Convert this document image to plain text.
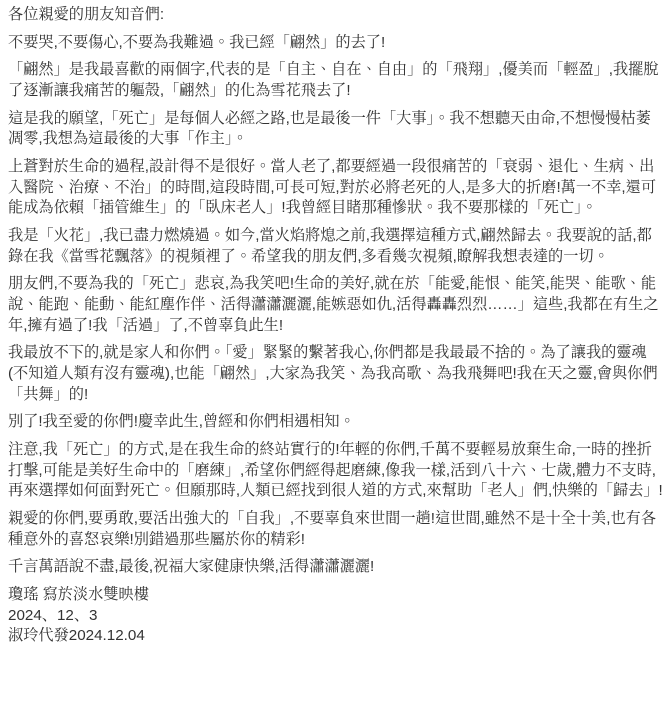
各位親愛的朋友知音們:

不要哭,不要傷心,不要為我難過。我已經「翩然」的去了!

「翩然」是我最喜歡的兩個字,代表的是「自主、自在、自由」的「飛翔」,優美而「輕盈」,我擺脫了逐漸讓我痛苦的軀殼,「翩然」的化為雪花飛去了!

這是我的願望,「死亡」是每個人必經之路,也是最後一件「大事」。我不想聽天由命,不想慢慢枯萎凋零,我想為這最後的大事「作主」。

上蒼對於生命的過程,設計得不是很好。當人老了,都要經過一段很痛苦的「衰弱、退化、生病、出入醫院、治療、不治」的時間,這段時間,可長可短,對於必將老死的人,是多大的折磨!萬一不幸,還可能成為依賴「插管維生」的「臥床老人」!我曾經目睹那種慘狀。我不要那樣的「死亡」。

我是「火花」,我已盡力燃燒過。如今,當火焰將熄之前,我選擇這種方式,翩然歸去。我要說的話,都錄在我《當雪花飄落》的視頻裡了。希望我的朋友們,多看幾次視頻,瞭解我想表達的一切。

朋友們,不要為我的「死亡」悲哀,為我笑吧!生命的美好,就在於「能愛,能恨、能笑,能哭、能歌、能說、能跑、能動、能紅塵作伴、活得瀟瀟灑灑,能嫉惡如仇,活得轟轟烈烈……」這些,我都在有生之年,擁有過了!我「活過」了,不曾辜負此生!

我最放不下的,就是家人和你們。「愛」緊緊的繫著我心,你們都是我最最不捨的。為了讓我的靈魂(不知道人類有沒有靈魂),也能「翩然」,大家為我笑、為我高歌、為我飛舞吧!我在天之靈,會與你們「共舞」的!

別了!我至愛的你們!慶幸此生,曾經和你們相遇相知。

注意,我「死亡」的方式,是在我生命的終站實行的!年輕的你們,千萬不要輕易放棄生命,一時的挫折打擊,可能是美好生命中的「磨練」,希望你們經得起磨練,像我一樣,活到八十六、七歲,體力不支時,再來選擇如何面對死亡。但願那時,人類已經找到很人道的方式,來幫助「老人」們,快樂的「歸去」!

親愛的你們,要勇敢,要活出強大的「自我」,不要辜負來世間一趟!這世間,雖然不是十全十美,也有各種意外的喜怒哀樂!別錯過那些屬於你的精彩!

千言萬語說不盡,最後,祝福大家健康快樂,活得瀟瀟灑灑!

瓊瑤 寫於淡水雙映樓
2024、12、3
淑玲代發2024.12.04
